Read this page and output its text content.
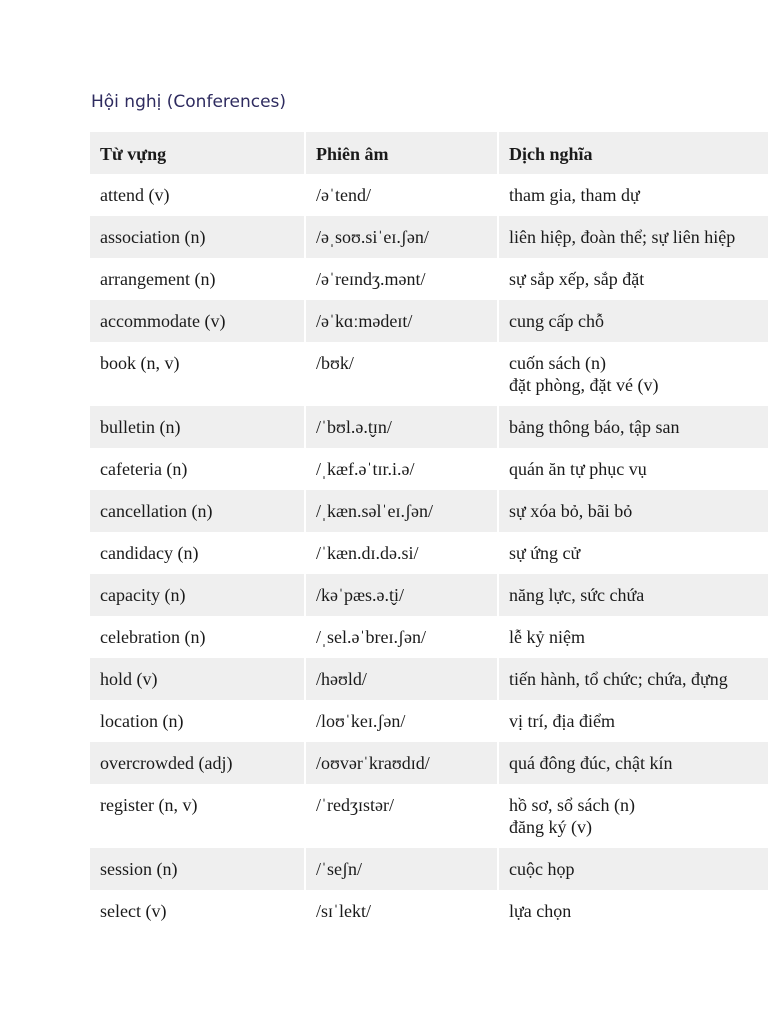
Hội nghị (Conferences)
Từ vựng	Phiên âm	Dịch nghĩa
attend (v)	/əˈtend/	tham gia, tham dự

association (n)	/əˌsoʊ.siˈeɪ.ʃən/	liên hiệp, đoàn thể; sự liên hiệp

arrangement (n)	/əˈreɪndʒ.mənt/	sự sắp xếp, sắp đặt

accommodate (v)	/əˈkɑːmədeɪt/	cung cấp chỗ

book (n, v)	/bʊk/	cuốn sách (n)
đặt phòng, đặt vé (v)

bulletin (n)	/ˈbʊl.ə.t̬ɪn/	bảng thông báo, tập san

cafeteria (n)	/ˌkæf.əˈtɪr.i.ə/	quán ăn tự phục vụ

cancellation (n)	/ˌkæn.səlˈeɪ.ʃən/	sự xóa bỏ, bãi bỏ

candidacy (n)	/ˈkæn.dɪ.də.si/	sự ứng cử

capacity (n)	/kəˈpæs.ə.t̬i/	năng lực, sức chứa

celebration (n)	/ˌsel.əˈbreɪ.ʃən/	lễ kỷ niệm

hold (v)	/həʊld/	tiến hành, tổ chức; chứa, đựng

location (n)	/loʊˈkeɪ.ʃən/	vị trí, địa điểm

overcrowded (adj)	/oʊvərˈkraʊdɪd/	quá đông đúc, chật kín

register (n, v)	/ˈredʒɪstər/	hồ sơ, sổ sách (n)
đăng ký (v)

session (n)	/ˈseʃn/	cuộc họp

select (v)	/sɪˈlekt/	lựa chọn
